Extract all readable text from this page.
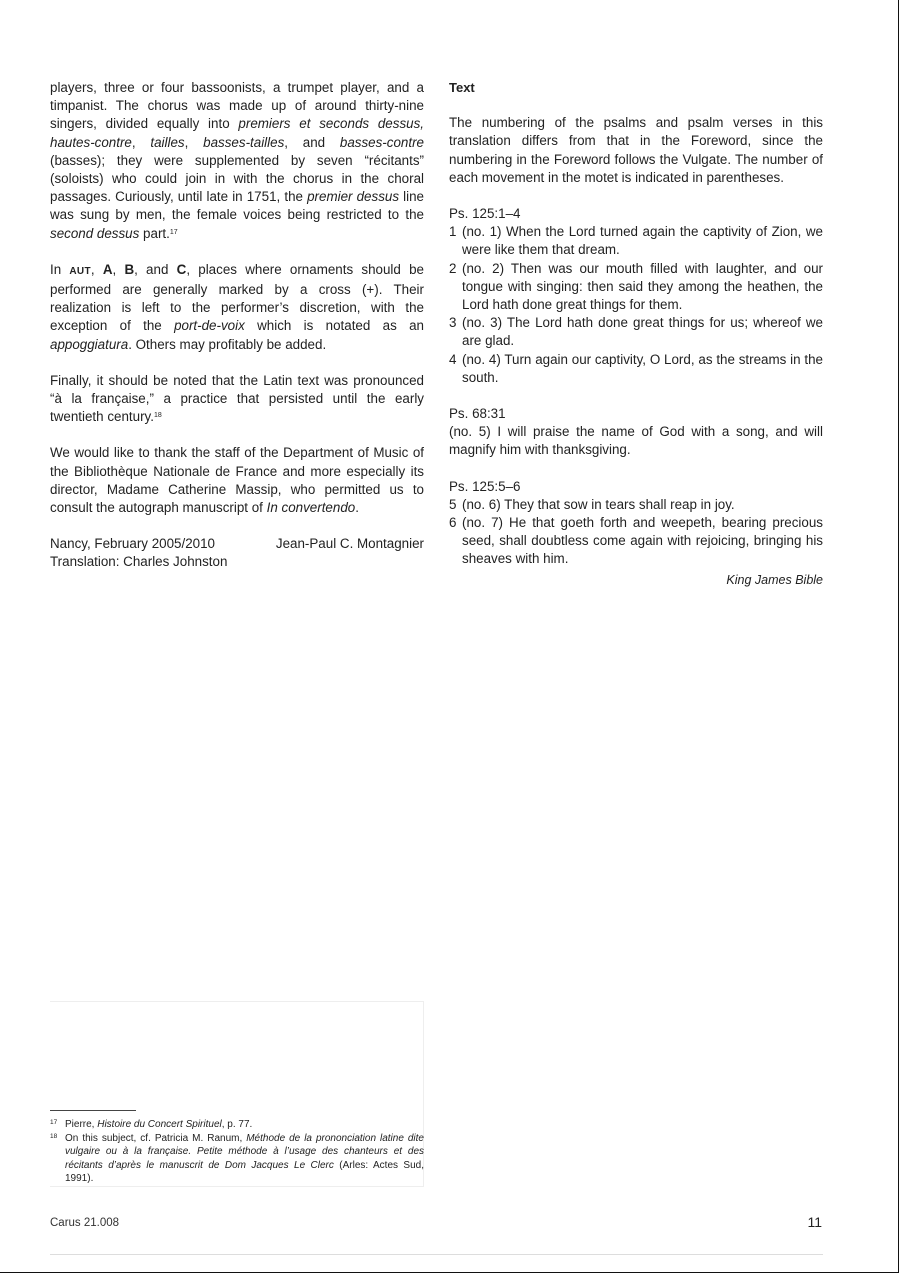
players, three or four bassoonists, a trumpet player, and a timpanist. The chorus was made up of around thirty-nine singers, divided equally into premiers et seconds dessus, hautes-contre, tailles, basses-tailles, and basses-contre (basses); they were supplemented by seven “récitants” (soloists) who could join in with the chorus in the choral passages. Curiously, until late in 1751, the premier dessus line was sung by men, the female voices being restricted to the second dessus part.$^{17}$

In AUT, A, B, and C, places where ornaments should be performed are generally marked by a cross (+). Their realization is left to the performer’s discretion, with the exception of the port-de-voix which is notated as an appoggiatura. Others may profitably be added.

Finally, it should be noted that the Latin text was pronounced “à la française,” a practice that persisted until the early twentieth century.$^{18}$

We would like to thank the staff of the Department of Music of the Bibliothèque Nationale de France and more especially its director, Madame Catherine Massip, who permitted us to consult the autograph manuscript of In convertendo.

Nancy, February 2005/2010	Jean-Paul C. Montagnier
Translation: Charles Johnston
Text

The numbering of the psalms and psalm verses in this translation differs from that in the Foreword, since the numbering in the Foreword follows the Vulgate. The number of each movement in the motet is indicated in parentheses.

Ps. 125:1–4
1 (no. 1) When the Lord turned again the captivity of Zion, we were like them that dream.
2 (no. 2) Then was our mouth filled with laughter, and our tongue with singing: then said they among the heathen, the Lord hath done great things for them.
3 (no. 3) The Lord hath done great things for us; whereof we are glad.
4 (no. 4) Turn again our captivity, O Lord, as the streams in the south.
Ps. 68:31

(no. 5) I will praise the name of God with a song, and will magnify him with thanksgiving.

Ps. 125:5–6
5 (no. 6) They that sow in tears shall reap in joy.
6 (no. 7) He that goeth forth and weepeth, bearing precious seed, shall doubtless come again with rejoicing, bringing his sheaves with him.
King James Bible
17 Pierre, Histoire du Concert Spirituel, p. 77.
18 On this subject, cf. Patricia M. Ranum, Méthode de la prononciation latine dite vulgaire ou à la française. Petite méthode à l’usage des chanteurs et des récitants d’après le manuscrit de Dom Jacques Le Clerc (Arles: Actes Sud, 1991).
Carus 21.008	11
